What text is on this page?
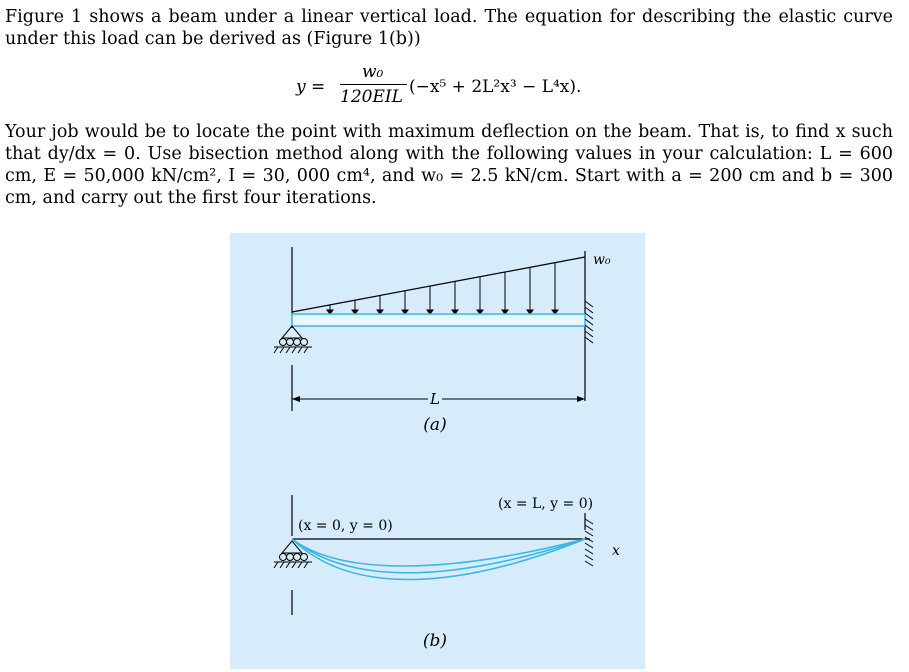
Figure 1 shows a beam under a linear vertical load. The equation for describing the elastic curve under this load can be derived as (Figure 1(b))
y =
w₀
120EIL (−x⁵ + 2L²x³ − L⁴x).
Your job would be to locate the point with maximum deflection on the beam. That is, to find x such that dy/dx = 0. Use bisection method along with the following values in your calculation: L = 600 cm, E = 50,000 kN/cm², I = 30, 000 cm⁴, and w₀ = 2.5 kN/cm. Start with a = 200 cm and b = 300 cm, and carry out the first four iterations.
L
w₀
(a)
(x = 0, y = 0)
(x = L, y = 0)
x
(b)
